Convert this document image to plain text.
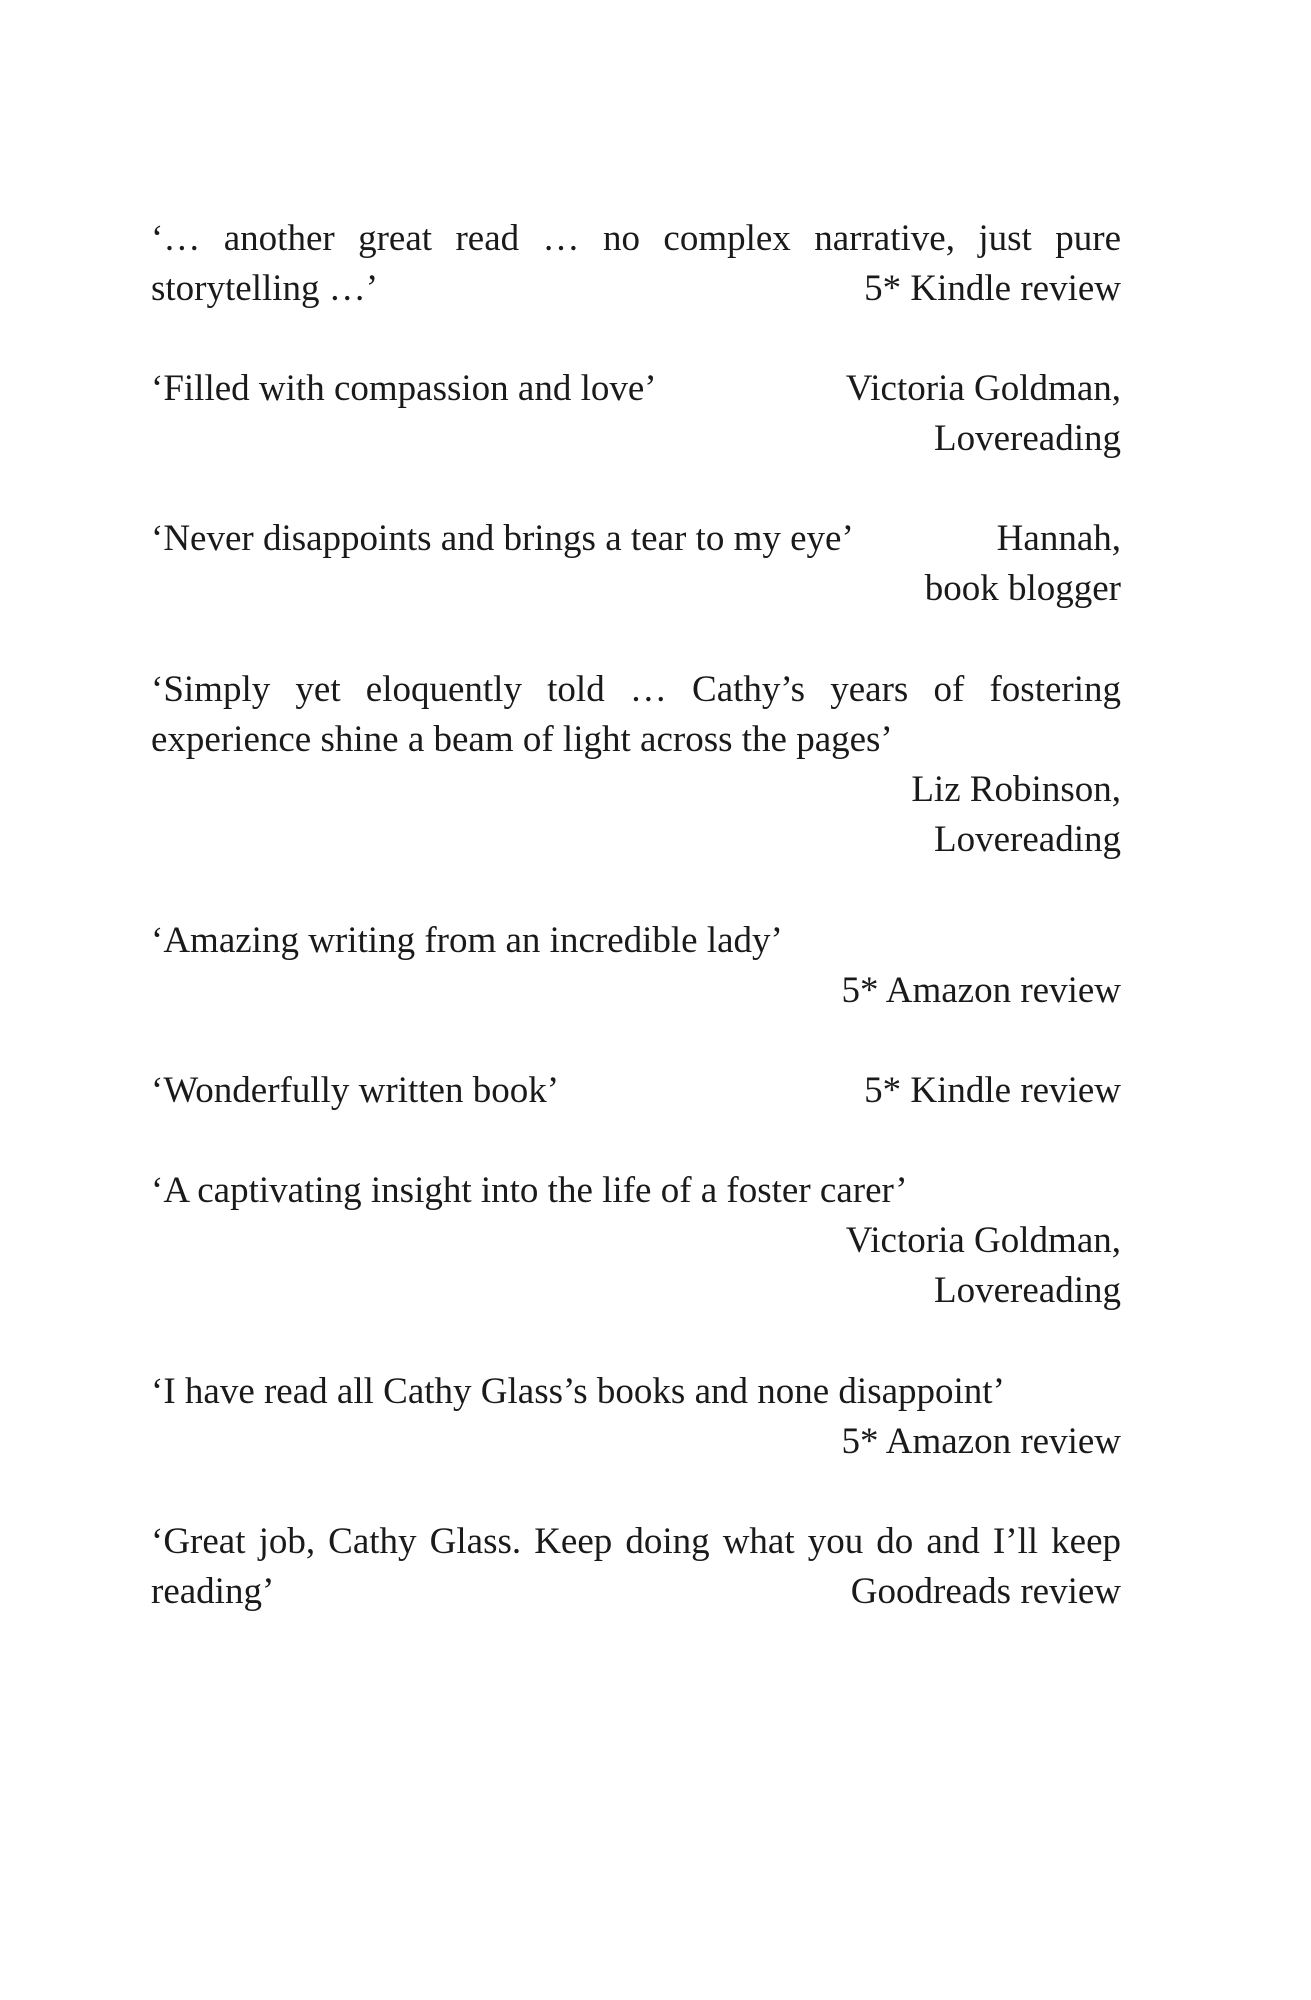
‘… another great read … no complex narrative, just pure
storytelling …’	5* Kindle review
‘Filled with compassion and love’	Victoria Goldman,
Lovereading
‘Never disappoints and brings a tear to my eye’	Hannah,
book blogger
‘Simply yet eloquently told … Cathy’s years of fostering
experience shine a beam of light across the pages’
Liz Robinson,
Lovereading
‘Amazing writing from an incredible lady’
5* Amazon review
‘Wonderfully written book’	5* Kindle review
‘A captivating insight into the life of a foster carer’
Victoria Goldman,
Lovereading
‘I have read all Cathy Glass’s books and none disappoint’
5* Amazon review
‘Great job, Cathy Glass. Keep doing what you do and I’ll keep
reading’	Goodreads review
